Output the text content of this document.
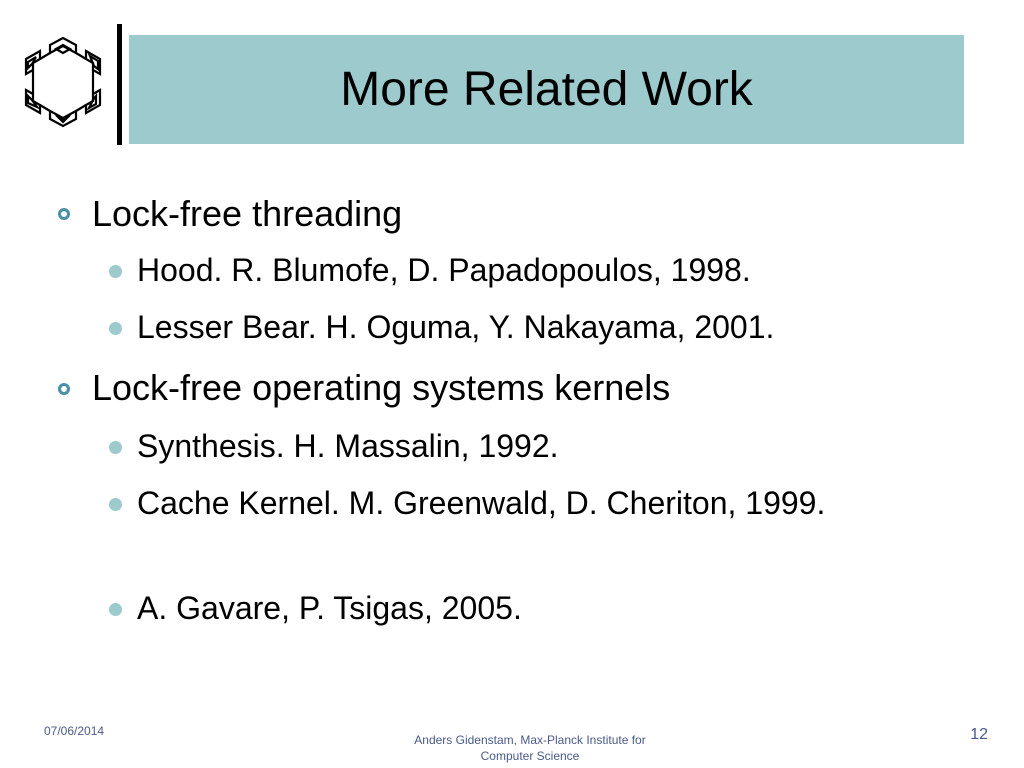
More Related Work
Lock-free threading
Hood. R. Blumofe, D. Papadopoulos, 1998.
Lesser Bear. H. Oguma, Y. Nakayama, 2001.
Lock-free operating systems kernels
Synthesis. H. Massalin, 1992.
Cache Kernel. M. Greenwald, D. Cheriton, 1999.
A. Gavare, P. Tsigas, 2005.
07/06/2014
Anders Gidenstam, Max-Planck Institute for
Computer Science
12
